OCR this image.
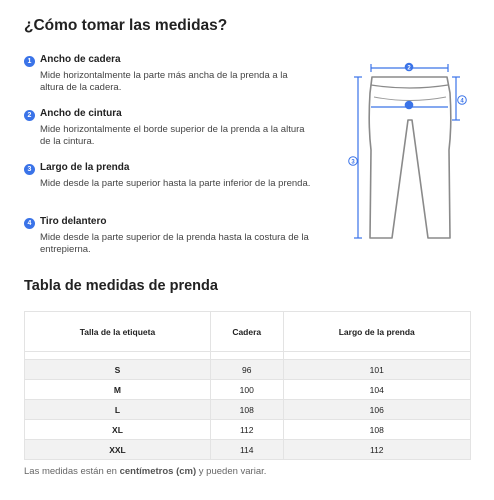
¿Cómo tomar las medidas?
1 Ancho de cadera
Mide horizontalmente la parte más ancha de la prenda a la altura de la cadera.
2 Ancho de cintura
Mide horizontalmente el borde superior de la prenda a la altura de la cintura.
3 Largo de la prenda
Mide desde la parte superior hasta la parte inferior de la prenda.
4 Tiro delantero
Mide desde la parte superior de la prenda hasta la costura de la entrepierna.
2
1
3
4
Tabla de medidas de prenda
Talla de la etiqueta	Cadera	Largo de la prenda

S	96	101
M	100	104
L	108	106
XL	112	108
XXL	114	112
Las medidas están en centímetros (cm) y pueden variar.
